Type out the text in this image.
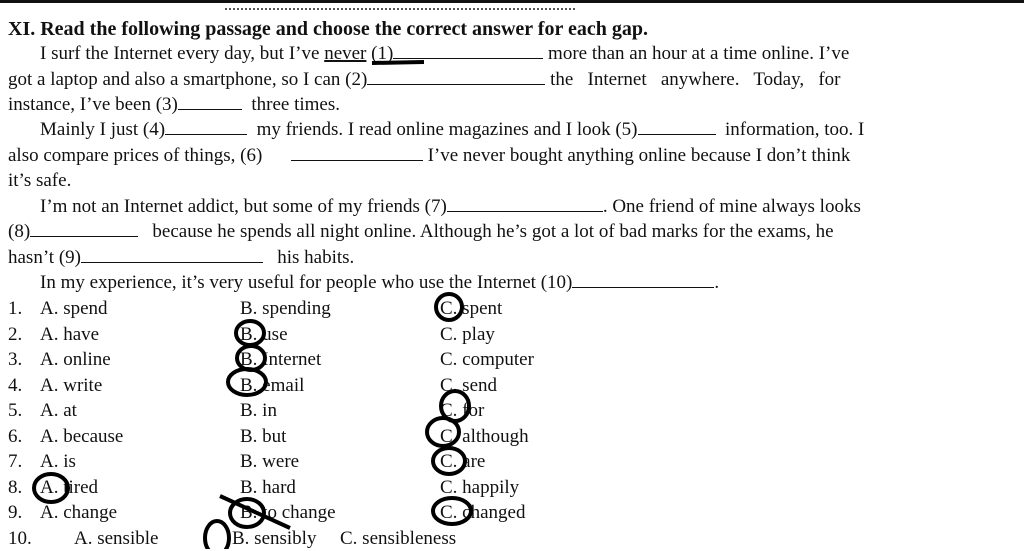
XI. Read the following passage and choose the correct answer for each gap.
I surf the Internet every day, but I’ve never (1)	more than an hour at a time online. I’ve
got a laptop and also a smartphone, so I can (2)	the   Internet   anywhere.   Today,   for
instance, I’ve been (3)	three times.
Mainly I just (4)	my friends. I read online magazines and I look (5)	information, too. I
also compare prices of things, (6)	I’ve never bought anything online because I don’t think
it’s safe.
I’m not an Internet addict, but some of my friends (7)	. One friend of mine always looks
(8)	because he spends all night online. Although he’s got a lot of bad marks for the exams, he
hasn’t (9)	his habits.
In my experience, it’s very useful for people who use the Internet (10)	.
1. A. spend	B. spending	C. spent
2. A. have	B. use	C. play
3. A. online	B. Internet	C. computer
4. A. write	B. email	C. send
5. A. at	B. in	C. for
6. A. because	B. but	C. although
7. A. is	B. were	C. are
8. A. tired	B. hard	C. happily
9. A. change	B. to change	C. changed
10. A. sensible	B. sensibly C. sensibleness
